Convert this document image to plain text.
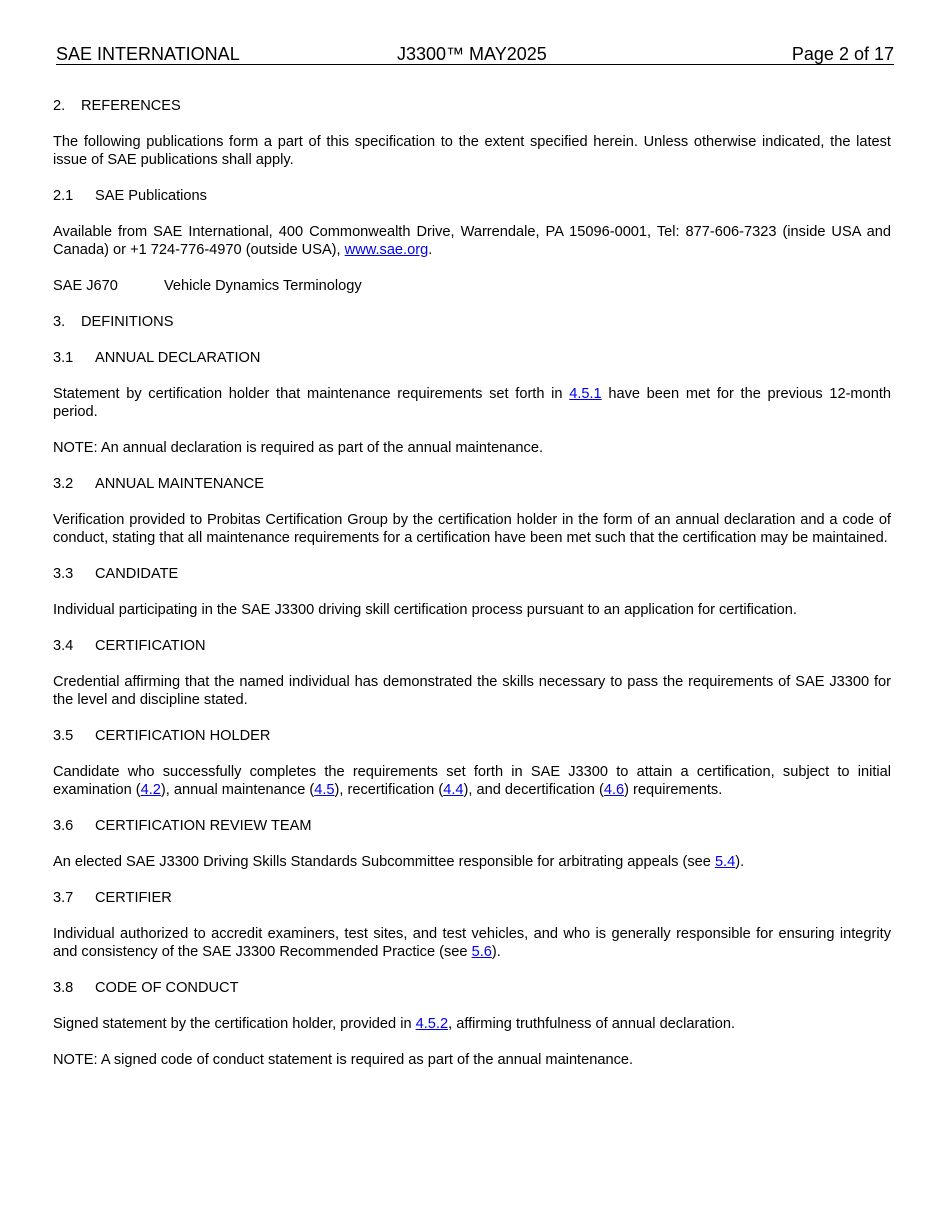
SAE INTERNATIONAL	J3300™ MAY2025	Page 2 of 17
2. REFERENCES

The following publications form a part of this specification to the extent specified herein. Unless otherwise indicated, the latest issue of SAE publications shall apply.

2.1 SAE Publications

Available from SAE International, 400 Commonwealth Drive, Warrendale, PA 15096-0001, Tel: 877-606-7323 (inside USA and Canada) or +1 724-776-4970 (outside USA), www.sae.org.

SAE J670	Vehicle Dynamics Terminology

3. DEFINITIONS
3.1 ANNUAL DECLARATION

Statement by certification holder that maintenance requirements set forth in 4.5.1 have been met for the previous 12-month period.

NOTE: An annual declaration is required as part of the annual maintenance.

3.2 ANNUAL MAINTENANCE

Verification provided to Probitas Certification Group by the certification holder in the form of an annual declaration and a code of conduct, stating that all maintenance requirements for a certification have been met such that the certification may be maintained.

3.3 CANDIDATE

Individual participating in the SAE J3300 driving skill certification process pursuant to an application for certification.

3.4 CERTIFICATION

Credential affirming that the named individual has demonstrated the skills necessary to pass the requirements of SAE J3300 for the level and discipline stated.

3.5 CERTIFICATION HOLDER

Candidate who successfully completes the requirements set forth in SAE J3300 to attain a certification, subject to initial examination (4.2), annual maintenance (4.5), recertification (4.4), and decertification (4.6) requirements.

3.6 CERTIFICATION REVIEW TEAM

An elected SAE J3300 Driving Skills Standards Subcommittee responsible for arbitrating appeals (see 5.4).

3.7 CERTIFIER

Individual authorized to accredit examiners, test sites, and test vehicles, and who is generally responsible for ensuring integrity and consistency of the SAE J3300 Recommended Practice (see 5.6).

3.8 CODE OF CONDUCT

Signed statement by the certification holder, provided in 4.5.2, affirming truthfulness of annual declaration.

NOTE: A signed code of conduct statement is required as part of the annual maintenance.
